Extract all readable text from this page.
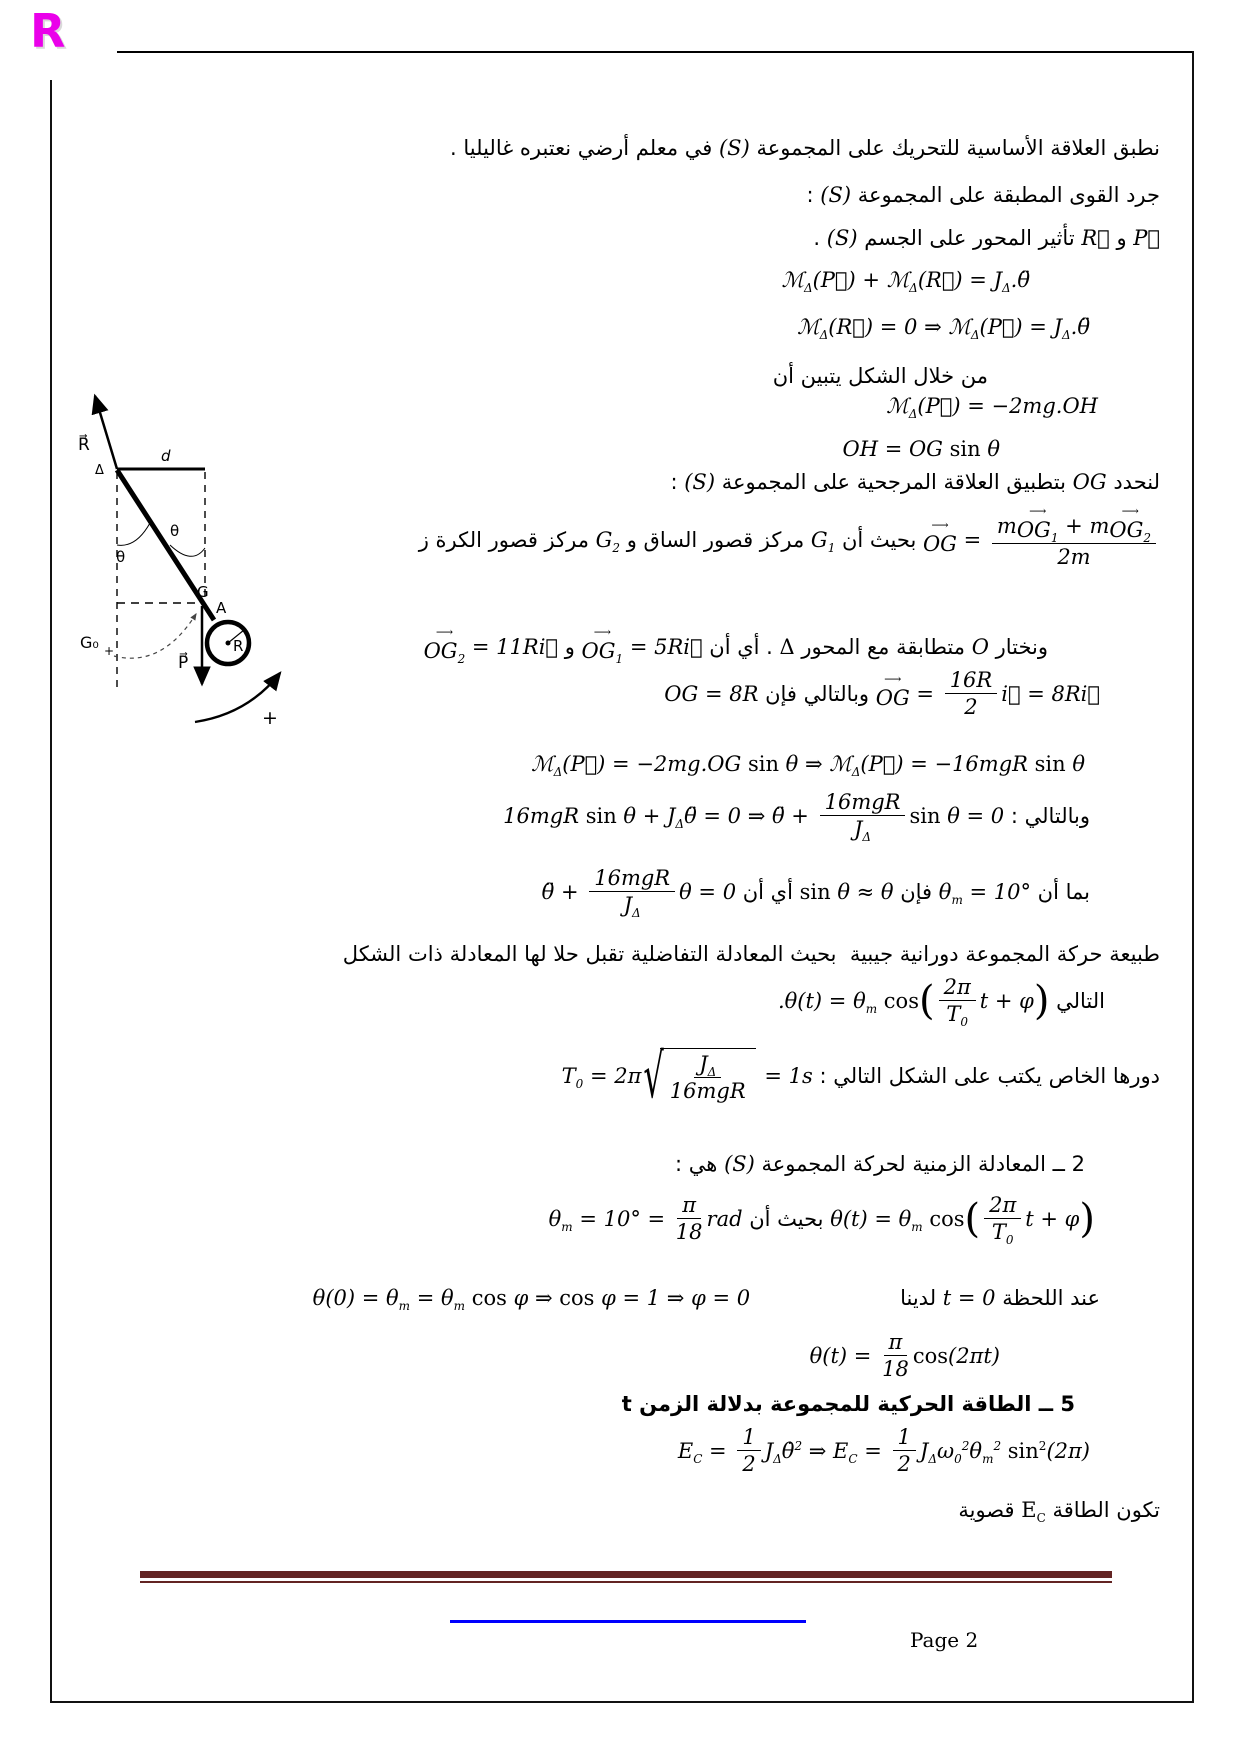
R
R⃗
Δ
d
θ
θ
G
A
R
P⃗
G₀ +
+
نطبق العلاقة الأساسية للتحريك على المجموعة
(S)
في معلم أرضي نعتبره غاليليا .
جرد القوى المطبقة على المجموعة
(S)
:
P⃗
و
R⃗
تأثير المحور على الجسم
(S)
.
ℳ$_\Delta$ (P⃗) + ℳ$_\Delta$ (R⃗) = $J_\Delta$ .θ̈
ℳ$_\Delta$ (R⃗) = 0 ⇒ ℳ$_\Delta$ (P⃗) = $J_\Delta$ .θ̈
من خلال الشكل يتبين أن
ℳ$_\Delta$ (P⃗) = −2mg.OH
OH = OG sin θ
لنحدد
OG
بتطبيق العلاقة المرجحية على المجموعة
(S)
:
⟶ OG = m ⟶ $OG_1$
+ m ⟶ $OG_2$
2m
بحيث أن
$G_1$
مركز قصور الساق و
$G_2$
مركز قصور الكرة ز
ونختار
O
متطابقة مع المحور
Δ
. أي أن
⟶ $OG_1$
= 5Ri⃗
و
⟶ $OG_2$
= 11Ri⃗
⟶ OG = $\frac{16R}{2}$ i⃗ = 8Ri⃗
وبالتالي فإن
OG = 8R
ℳ$_\Delta$ (P⃗) = −2mg.OG sin θ ⇒ ℳ$_\Delta$ (P⃗) = −16mgR sin θ
وبالتالي :
16mgR $\sin \theta + J_\Delta$ θ̈ = 0 ⇒ θ̈ + $\frac{\text{16mgR}}{J_\Delta}$ sin θ = 0
بما أن
$\theta_m = 10^\circ$
فإن
sin θ ≈ θ
أي أن
θ̈ + $\frac{\text{16mgR}}{J_\Delta}$ θ = 0
طبيعة حركة المجموعة دورانية جيبية  بحيث المعادلة التفاضلية تقبل حلا لها المعادلة ذات الشكل
التالي
$.\theta(t) = \theta_m$ cos ( $\frac{2\pi}{T_0}$ t + φ )
دورها الخاص يكتب على الشكل التالي :
$T_0 = 2\pi$ √ $\frac{J_\Delta}{\text{16mgR}} = 1s$
2 ــ المعادلة الزمنية لحركة المجموعة
(S)
هي :
$\theta(t) = \theta_m$ cos ( $\frac{2\pi}{T_0}$ t + φ )
بحيث أن
$\theta_m = 10^\circ = \frac{\pi}{18}$ rad
عند اللحظة
t = 0
لدينا
$\theta(0) = \theta_m = \theta_m$ cos φ ⇒ cos φ = 1 ⇒ φ = 0
$\theta(t) = \frac{\pi}{18}$ cos (2πt)
5 ــ الطاقة الحركية للمجموعة بدلالة الزمن
t
$E_C = \frac{1}{2} J_\Delta$ θ̇$^2$ ⇒ $E_C = \frac{1}{2} J_\Delta$ $\omega_0^2$ $\theta_m^2$ $\sin^2 (2\pi)$
تكون الطاقة
$E_C$
قصوية
Page 2
